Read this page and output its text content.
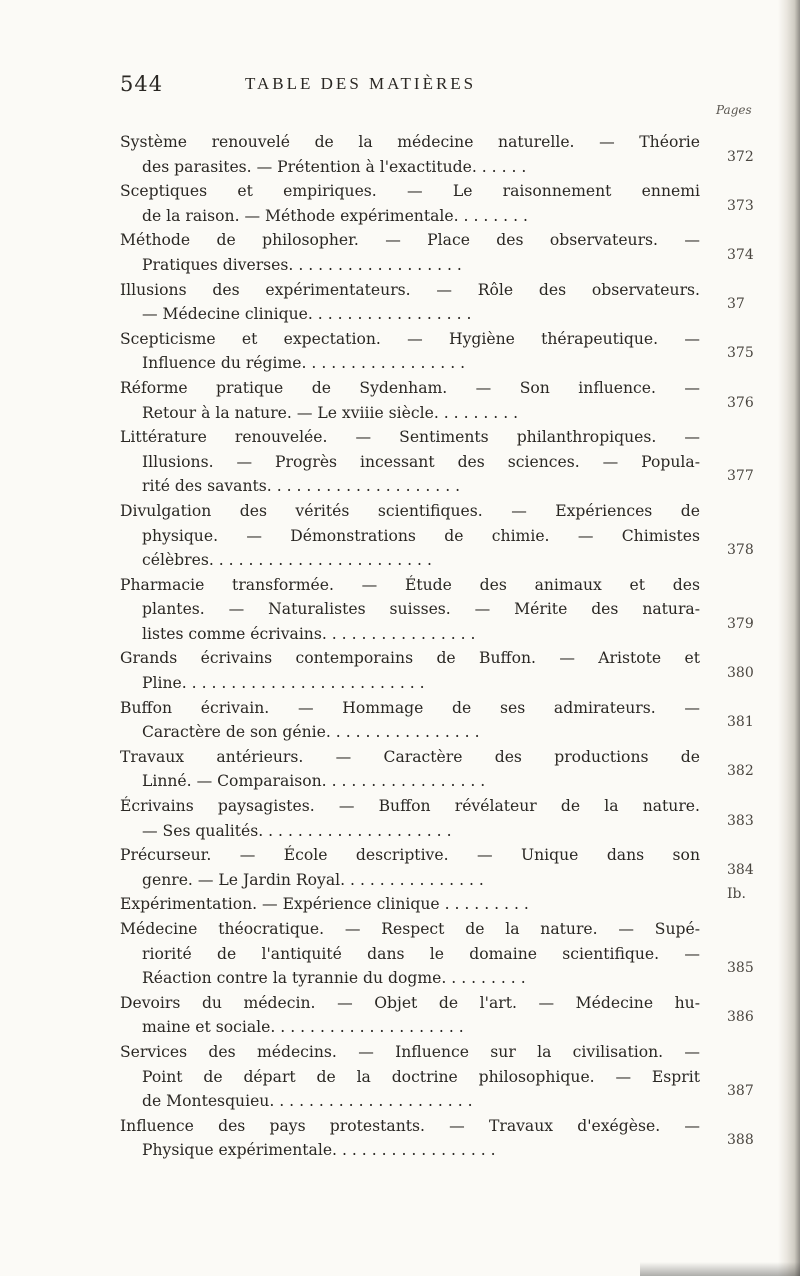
544	TABLE DES MATIÈRES
Pages
Système renouvelé de la médecine naturelle. — Théorie
des parasites. — Prétention à l'exactitude. . . . . .
372
Sceptiques et empiriques. — Le raisonnement ennemi
de la raison. — Méthode expérimentale. . . . . . . .
373
Méthode de philosopher. — Place des observateurs. —
Pratiques diverses. . . . . . . . . . . . . . . . . .
374
Illusions des expérimentateurs. — Rôle des observateurs.
— Médecine clinique. . . . . . . . . . . . . . . . .
37
Scepticisme et expectation. — Hygiène thérapeutique. —
Influence du régime. . . . . . . . . . . . . . . . .
375
Réforme pratique de Sydenham. — Son influence. —
Retour à la nature. — Le xviiie siècle. . . . . . . . .
376
Littérature renouvelée. — Sentiments philanthropiques. —
Illusions. — Progrès incessant des sciences. — Popula-
rité des savants. . . . . . . . . . . . . . . . . . . .
377
Divulgation des vérités scientifiques. — Expériences de
physique. — Démonstrations de chimie. — Chimistes
célèbres. . . . . . . . . . . . . . . . . . . . . . .
378
Pharmacie transformée. — Étude des animaux et des
plantes. — Naturalistes suisses. — Mérite des natura-
listes comme écrivains. . . . . . . . . . . . . . . .
379
Grands écrivains contemporains de Buffon. — Aristote et
Pline. . . . . . . . . . . . . . . . . . . . . . . . .
380
Buffon écrivain. — Hommage de ses admirateurs. —
Caractère de son génie. . . . . . . . . . . . . . . .
381
Travaux antérieurs. — Caractère des productions de
Linné. — Comparaison. . . . . . . . . . . . . . . . .
382
Écrivains paysagistes. — Buffon révélateur de la nature.
— Ses qualités. . . . . . . . . . . . . . . . . . . .
383
Précurseur. — École descriptive. — Unique dans son
genre. — Le Jardin Royal. . . . . . . . . . . . . . .
384
Expérimentation. — Expérience clinique . . . . . . . . .
Ib.
Médecine théocratique. — Respect de la nature. — Supé-
riorité de l'antiquité dans le domaine scientifique. —
Réaction contre la tyrannie du dogme. . . . . . . . .
385
Devoirs du médecin. — Objet de l'art. — Médecine hu-
maine et sociale. . . . . . . . . . . . . . . . . . . .
386
Services des médecins. — Influence sur la civilisation. —
Point de départ de la doctrine philosophique. — Esprit
de Montesquieu. . . . . . . . . . . . . . . . . . . . .
387
Influence des pays protestants. — Travaux d'exégèse. —
Physique expérimentale. . . . . . . . . . . . . . . . .
388
